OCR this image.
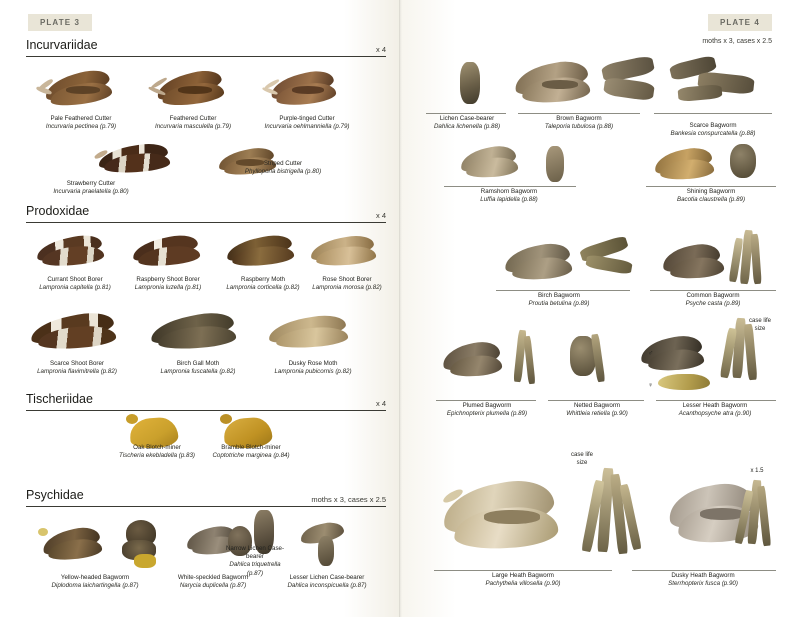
PLATE 3
Incurvariidae	x 4
Pale Feathered Cutter
Incurvaria pectinea (p.79)
Feathered Cutter
Incurvaria masculella (p.79)
Purple-tinged Cutter
Incurvaria oehlmanniella (p.79)
Strawberry Cutter
Incurvaria praelatella (p.80)
Striped Cutter
Phylloporia bistrigella (p.80)
Prodoxidae	x 4
Currant Shoot Borer
Lampronia capitella (p.81)
Raspberry Shoot Borer
Lampronia luzella (p.81)
Raspberry Moth
Lampronia corticella (p.82)
Rose Shoot Borer
Lampronia morosa (p.82)
Scarce Shoot Borer
Lampronia flavimitrella (p.82)
Birch Gall Moth
Lampronia fuscatella (p.82)
Dusky Rose Moth
Lampronia pubicornis (p.82)
Tischeriidae	x 4
Oak Blotch-miner
Tischeria ekebladella (p.83)
Bramble Blotch-miner
Coptotriche marginea (p.84)
Psychidae	moths x 3, cases x 2.5
Yellow-headed Bagworm
Diplodoma laichartingella (p.87)
White-speckled Bagworm
Narycia duplicella (p.87)
Narrow Lichen Case-bearer
Dahlica triquetrella (p.87)
Lesser Lichen Case-bearer
Dahlica inconspicuella (p.87)
PLATE 4
moths x 3, cases x 2.5
Lichen Case-bearer
Dahlica lichenella (p.88)
Brown Bagworm
Taleporia tubulosa (p.88)	Scarce Bagworm
Bankesia conspurcatella (p.88)
Ramshorn Bagworm
Luffia lapidella (p.88)
Shining Bagworm
Bacotia claustrella (p.89)
Birch Bagworm
Proutia betulina (p.89)
Common Bagworm
Psyche casta (p.89)
case life
size
♂
♀
Plumed Bagworm
Epichnopterix plumella (p.89)
Netted Bagworm
Whittleia retiella (p.90)
Lesser Heath Bagworm
Acanthopsyche atra (p.90)
case life
size
x 1.5
Large Heath Bagworm
Pachythelia villosella (p.90)
Dusky Heath Bagworm
Sterrhopterix fusca (p.90)
